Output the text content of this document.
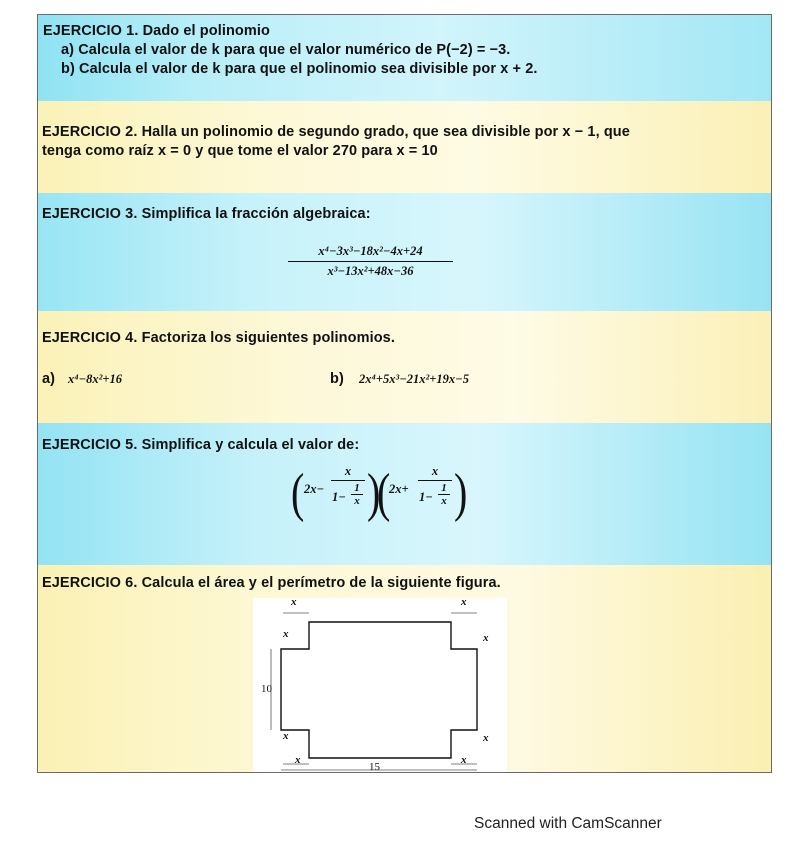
EJERCICIO 1. Dado el polinomio
a) Calcula el valor de k para que el valor numérico de P(−2) = −3.
b) Calcula el valor de k para que el polinomio sea divisible por x + 2.
EJERCICIO 2. Halla un polinomio de segundo grado, que sea divisible por x − 1, que
tenga como raíz x = 0 y que tome el valor 270 para x = 10
EJERCICIO 3. Simplifica la fracción algebraica:
x⁴−3x³−18x²−4x+24
x³−13x²+48x−36
EJERCICIO 4. Factoriza los siguientes polinomios.
a) x⁴−8x²+16	b) 2x⁴+5x³−21x²+19x−5
EJERCICIO 5. Simplifica y calcula el valor de:
( 2x−
x
1−
1
x )
(
2x+
x
1−
1
x )
EJERCICIO 6. Calcula el área y el perímetro de la siguiente figura.
x	x
x	x
10
x	x
x	x
15
Scanned with CamScanner
